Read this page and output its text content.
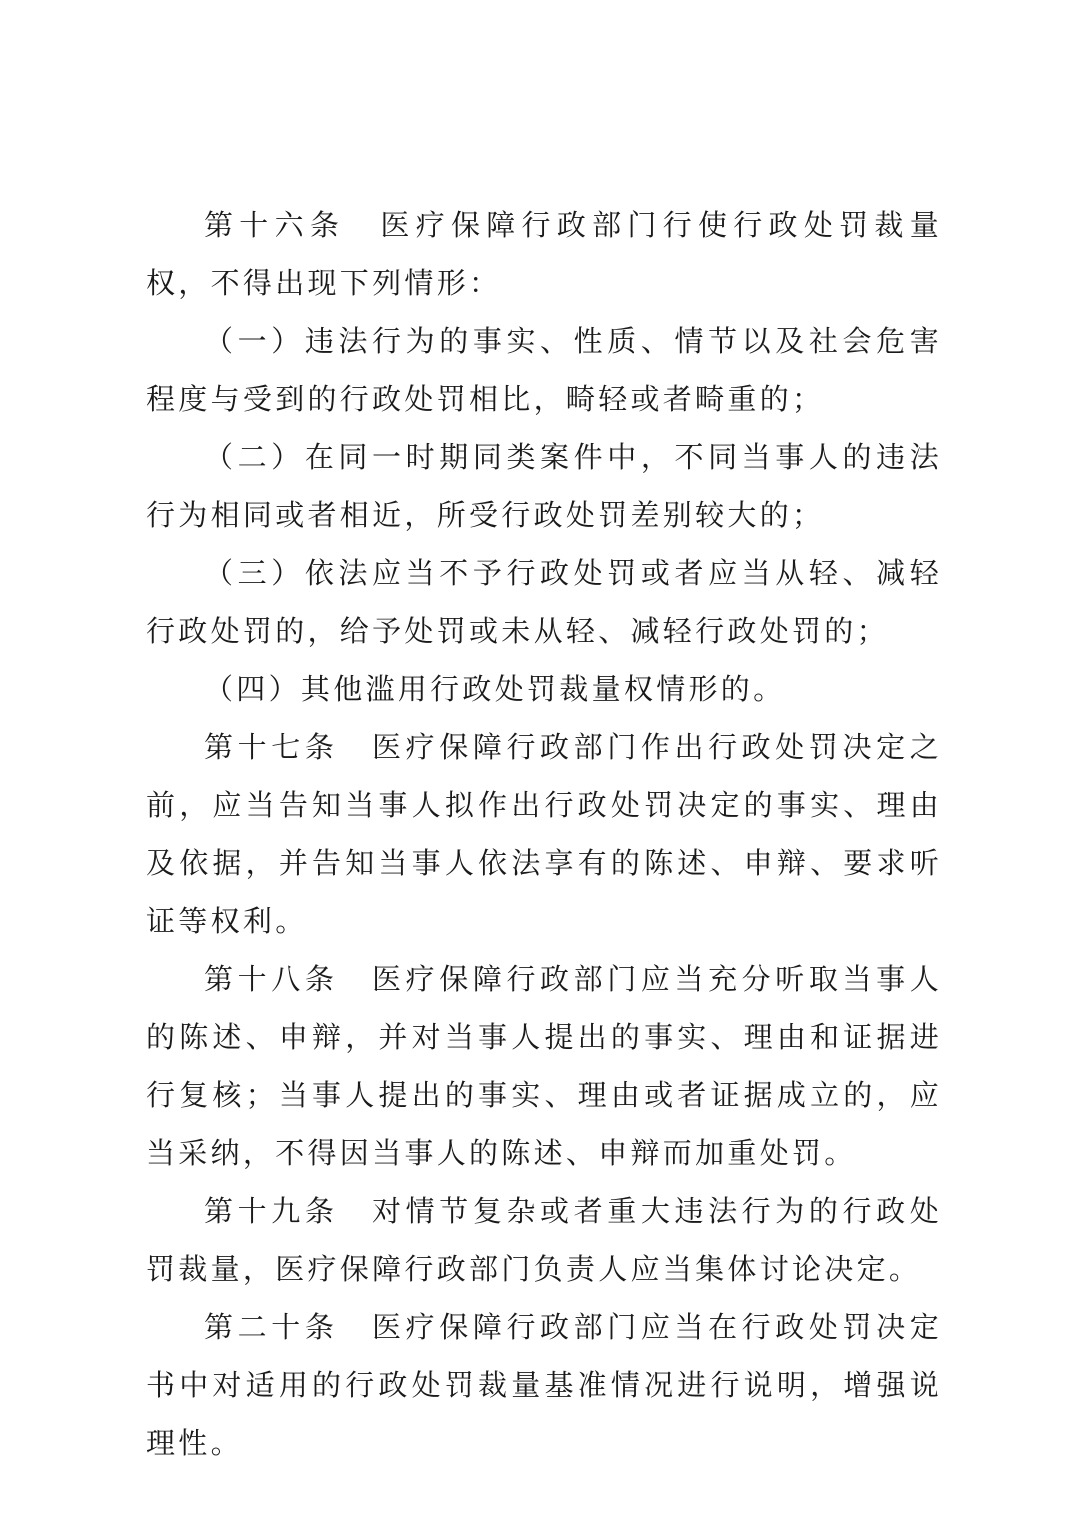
第十六条　医疗保障行政部门行使行政处罚裁量权，不得出现下列情形：

（一）违法行为的事实、性质、情节以及社会危害程度与受到的行政处罚相比，畸轻或者畸重的；

（二）在同一时期同类案件中，不同当事人的违法行为相同或者相近，所受行政处罚差别较大的；

（三）依法应当不予行政处罚或者应当从轻、减轻行政处罚的，给予处罚或未从轻、减轻行政处罚的；

（四）其他滥用行政处罚裁量权情形的。

第十七条　医疗保障行政部门作出行政处罚决定之前，应当告知当事人拟作出行政处罚决定的事实、理由及依据，并告知当事人依法享有的陈述、申辩、要求听证等权利。

第十八条　医疗保障行政部门应当充分听取当事人的陈述、申辩，并对当事人提出的事实、理由和证据进行复核；当事人提出的事实、理由或者证据成立的，应当采纳，不得因当事人的陈述、申辩而加重处罚。

第十九条　对情节复杂或者重大违法行为的行政处罚裁量，医疗保障行政部门负责人应当集体讨论决定。

第二十条　医疗保障行政部门应当在行政处罚决定书中对适用的行政处罚裁量基准情况进行说明，增强说理性。
